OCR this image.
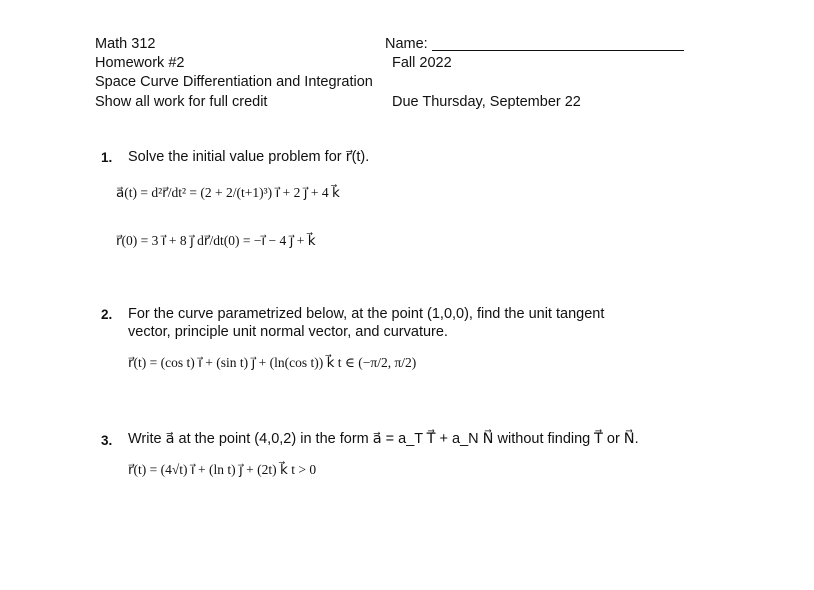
Math 312
Homework #2
Space Curve Differentiation and Integration
Show all work for full credit
Name:
Fall 2022
Due Thursday, September 22
1. Solve the initial value problem for r⃗(t).
a⃗(t) = d²r⃗/dt² = (2 + 2/(t+1)³) i⃗ + 2 j⃗ + 4 k⃗
r⃗(0) = 3 i⃗ + 8 j⃗ dr⃗/dt(0) = −i⃗ − 4 j⃗ + k⃗
2. For the curve parametrized below, at the point (1,0,0), find the unit tangent
vector, principle unit normal vector, and curvature.
r⃗(t) = (cos t) i⃗ + (sin t) j⃗ + (ln(cos t)) k⃗ t ∈ (−π/2, π/2)
3. Write a⃗ at the point (4,0,2) in the form a⃗ = a_T T⃗ + a_N N⃗ without finding T⃗ or N⃗.
r⃗(t) = (4√t) i⃗ + (ln t) j⃗ + (2t) k⃗ t > 0
